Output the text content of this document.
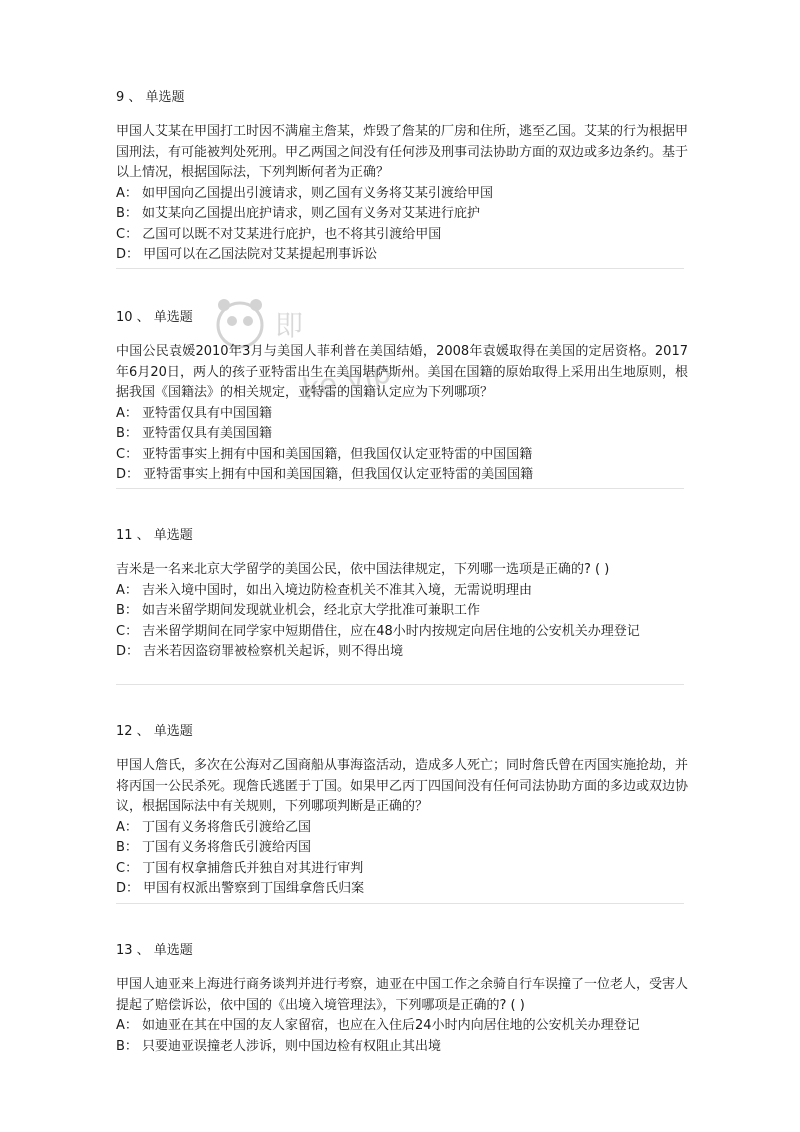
即
ke.vip

9 、 单选题

甲国人艾某在甲国打工时因不满雇主詹某，炸毁了詹某的厂房和住所，逃至乙国。艾某的行为根据甲国刑法，有可能被判处死刑。甲乙两国之间没有任何涉及刑事司法协助方面的双边或多边条约。基于以上情况，根据国际法，下列判断何者为正确？

A： 如甲国向乙国提出引渡请求，则乙国有义务将艾某引渡给甲国

B： 如艾某向乙国提出庇护请求，则乙国有义务对艾某进行庇护

C： 乙国可以既不对艾某进行庇护，也不将其引渡给甲国

D： 甲国可以在乙国法院对艾某提起刑事诉讼

10 、 单选题

中国公民袁媛2010年3月与美国人菲利普在美国结婚，2008年袁媛取得在美国的定居资格。2017年6月20日，两人的孩子亚特雷出生在美国堪萨斯州。美国在国籍的原始取得上采用出生地原则，根据我国《国籍法》的相关规定，亚特雷的国籍认定应为下列哪项？

A： 亚特雷仅具有中国国籍

B： 亚特雷仅具有美国国籍

C： 亚特雷事实上拥有中国和美国国籍，但我国仅认定亚特雷的中国国籍

D： 亚特雷事实上拥有中国和美国国籍，但我国仅认定亚特雷的美国国籍

11 、 单选题

吉米是一名来北京大学留学的美国公民，依中国法律规定，下列哪一选项是正确的? ( )

A： 吉米入境中国时，如出入境边防检查机关不准其入境，无需说明理由

B： 如吉米留学期间发现就业机会，经北京大学批准可兼职工作

C： 吉米留学期间在同学家中短期借住，应在48小时内按规定向居住地的公安机关办理登记

D： 吉米若因盗窃罪被检察机关起诉，则不得出境

12 、 单选题

甲国人詹氏，多次在公海对乙国商船从事海盗活动，造成多人死亡；同时詹氏曾在丙国实施抢劫，并将丙国一公民杀死。现詹氏逃匿于丁国。如果甲乙丙丁四国间没有任何司法协助方面的多边或双边协议，根据国际法中有关规则，下列哪项判断是正确的？

A： 丁国有义务将詹氏引渡给乙国

B： 丁国有义务将詹氏引渡给丙国

C： 丁国有权拿捕詹氏并独自对其进行审判

D： 甲国有权派出警察到丁国缉拿詹氏归案

13 、 单选题

甲国人迪亚来上海进行商务谈判并进行考察，迪亚在中国工作之余骑自行车误撞了一位老人，受害人提起了赔偿诉讼，依中国的《出境入境管理法》，下列哪项是正确的? ( )

A： 如迪亚在其在中国的友人家留宿，也应在入住后24小时内向居住地的公安机关办理登记

B： 只要迪亚误撞老人涉诉，则中国边检有权阻止其出境
